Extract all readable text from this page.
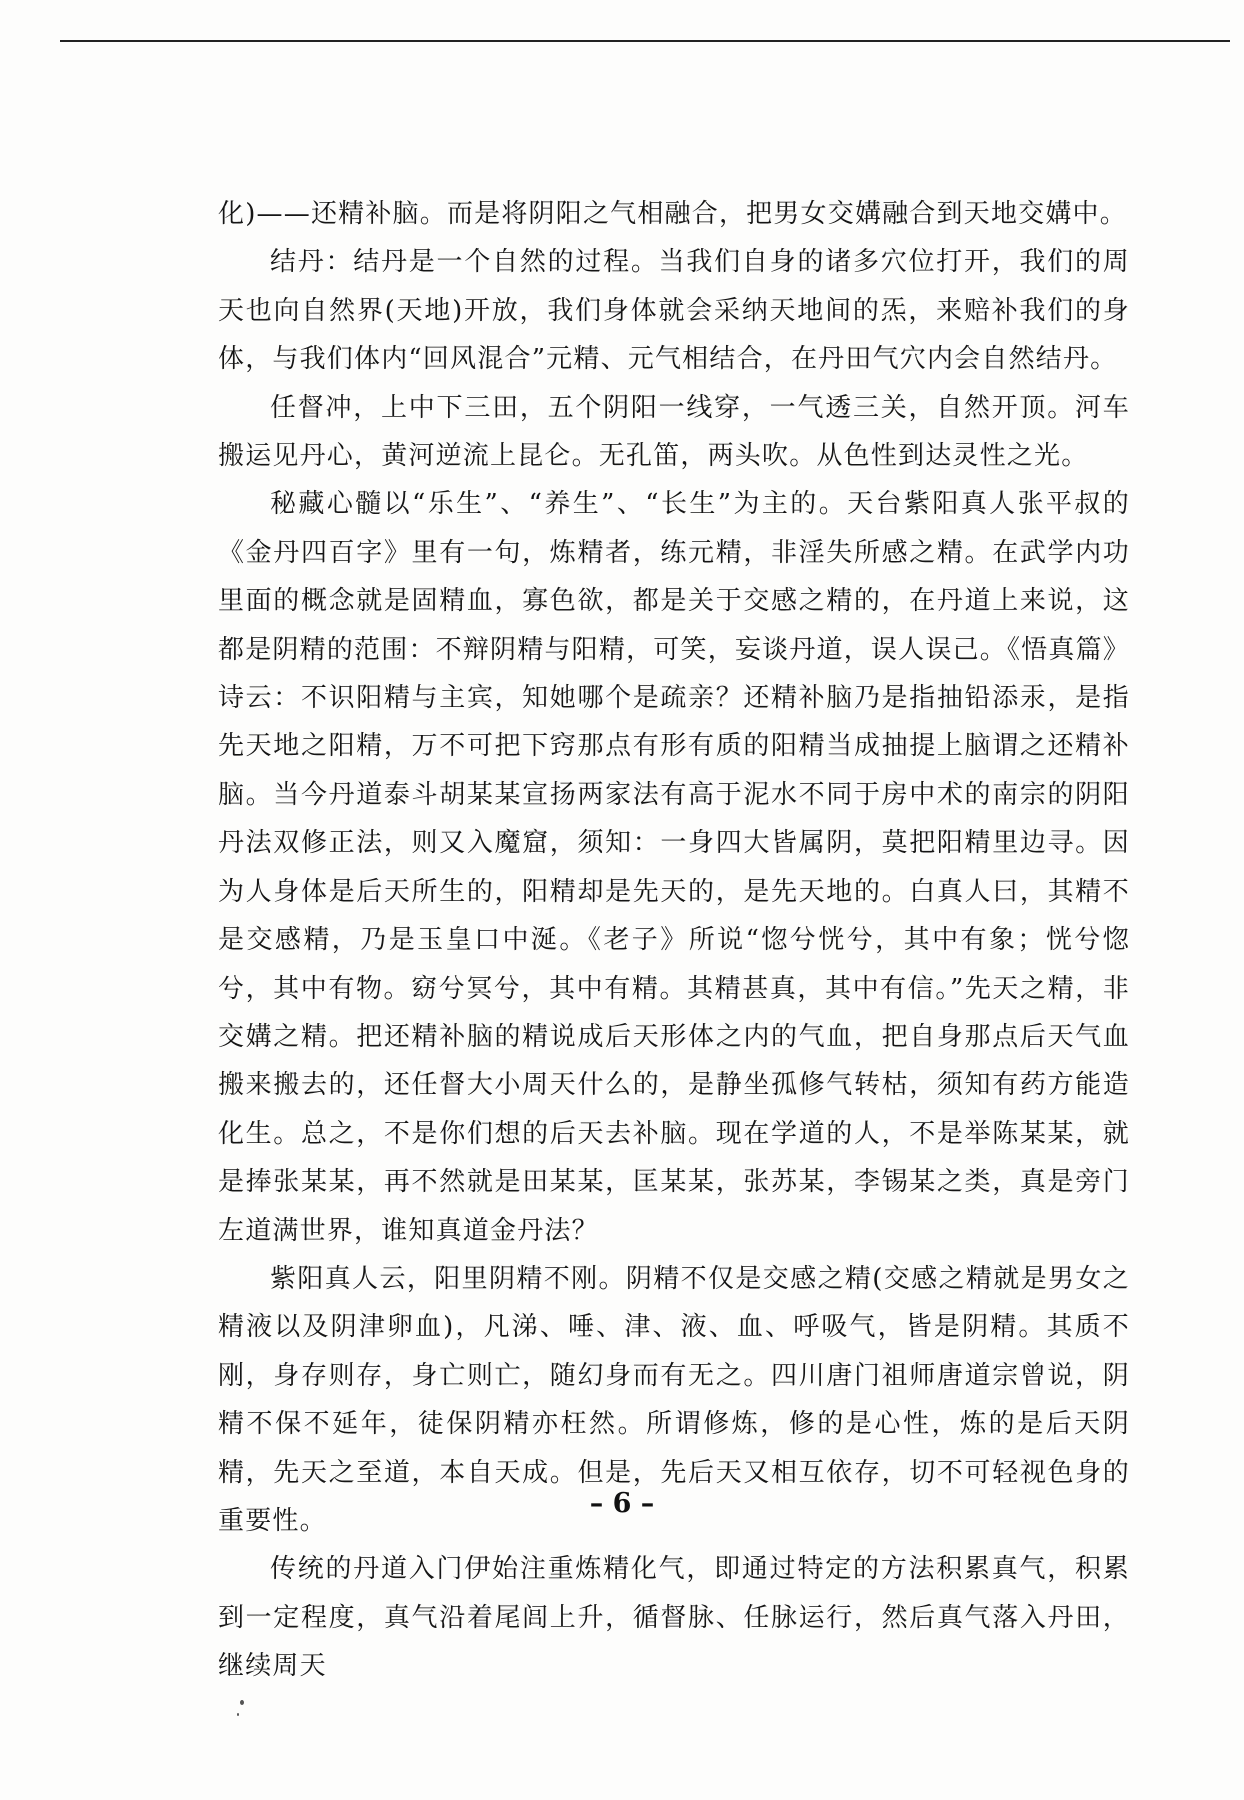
化)——还精补脑。而是将阴阳之气相融合，把男女交媾融合到天地交媾中。

结丹：结丹是一个自然的过程。当我们自身的诸多穴位打开，我们的周天也向自然界(天地)开放，我们身体就会采纳天地间的炁，来赔补我们的身体，与我们体内“回风混合”元精、元气相结合，在丹田气穴内会自然结丹。

任督冲，上中下三田，五个阴阳一线穿，一气透三关，自然开顶。河车搬运见丹心，黄河逆流上昆仑。无孔笛，两头吹。从色性到达灵性之光。

秘藏心髓以“乐生”、“养生”、“长生”为主的。天台紫阳真人张平叔的《金丹四百字》里有一句，炼精者，练元精，非淫失所感之精。在武学内功里面的概念就是固精血，寡色欲，都是关于交感之精的，在丹道上来说，这都是阴精的范围：不辩阴精与阳精，可笑，妄谈丹道，误人误己。《悟真篇》诗云：不识阳精与主宾，知她哪个是疏亲？还精补脑乃是指抽铅添汞，是指先天地之阳精，万不可把下窍那点有形有质的阳精当成抽提上脑谓之还精补脑。当今丹道泰斗胡某某宣扬两家法有高于泥水不同于房中术的南宗的阴阳丹法双修正法，则又入魔窟，须知：一身四大皆属阴，莫把阳精里边寻。因为人身体是后天所生的，阳精却是先天的，是先天地的。白真人曰，其精不是交感精，乃是玉皇口中涎。《老子》所说“惚兮恍兮，其中有象；恍兮惚兮，其中有物。窈兮冥兮，其中有精。其精甚真，其中有信。”先天之精，非交媾之精。把还精补脑的精说成后天形体之内的气血，把自身那点后天气血搬来搬去的，还任督大小周天什么的，是静坐孤修气转枯，须知有药方能造化生。总之，不是你们想的后天去补脑。现在学道的人，不是举陈某某，就是捧张某某，再不然就是田某某，匡某某，张苏某，李锡某之类，真是旁门左道满世界，谁知真道金丹法？

紫阳真人云，阳里阴精不刚。阴精不仅是交感之精(交感之精就是男女之精液以及阴津卵血)，凡涕、唾、津、液、血、呼吸气，皆是阴精。其质不刚，身存则存，身亡则亡，随幻身而有无之。四川唐门祖师唐道宗曾说，阴精不保不延年，徒保阴精亦枉然。所谓修炼，修的是心性，炼的是后天阴精，先天之至道，本自天成。但是，先后天又相互依存，切不可轻视色身的重要性。

传统的丹道入门伊始注重炼精化气，即通过特定的方法积累真气，积累到一定程度，真气沿着尾闾上升，循督脉、任脉运行，然后真气落入丹田，继续周天

– 6 –
